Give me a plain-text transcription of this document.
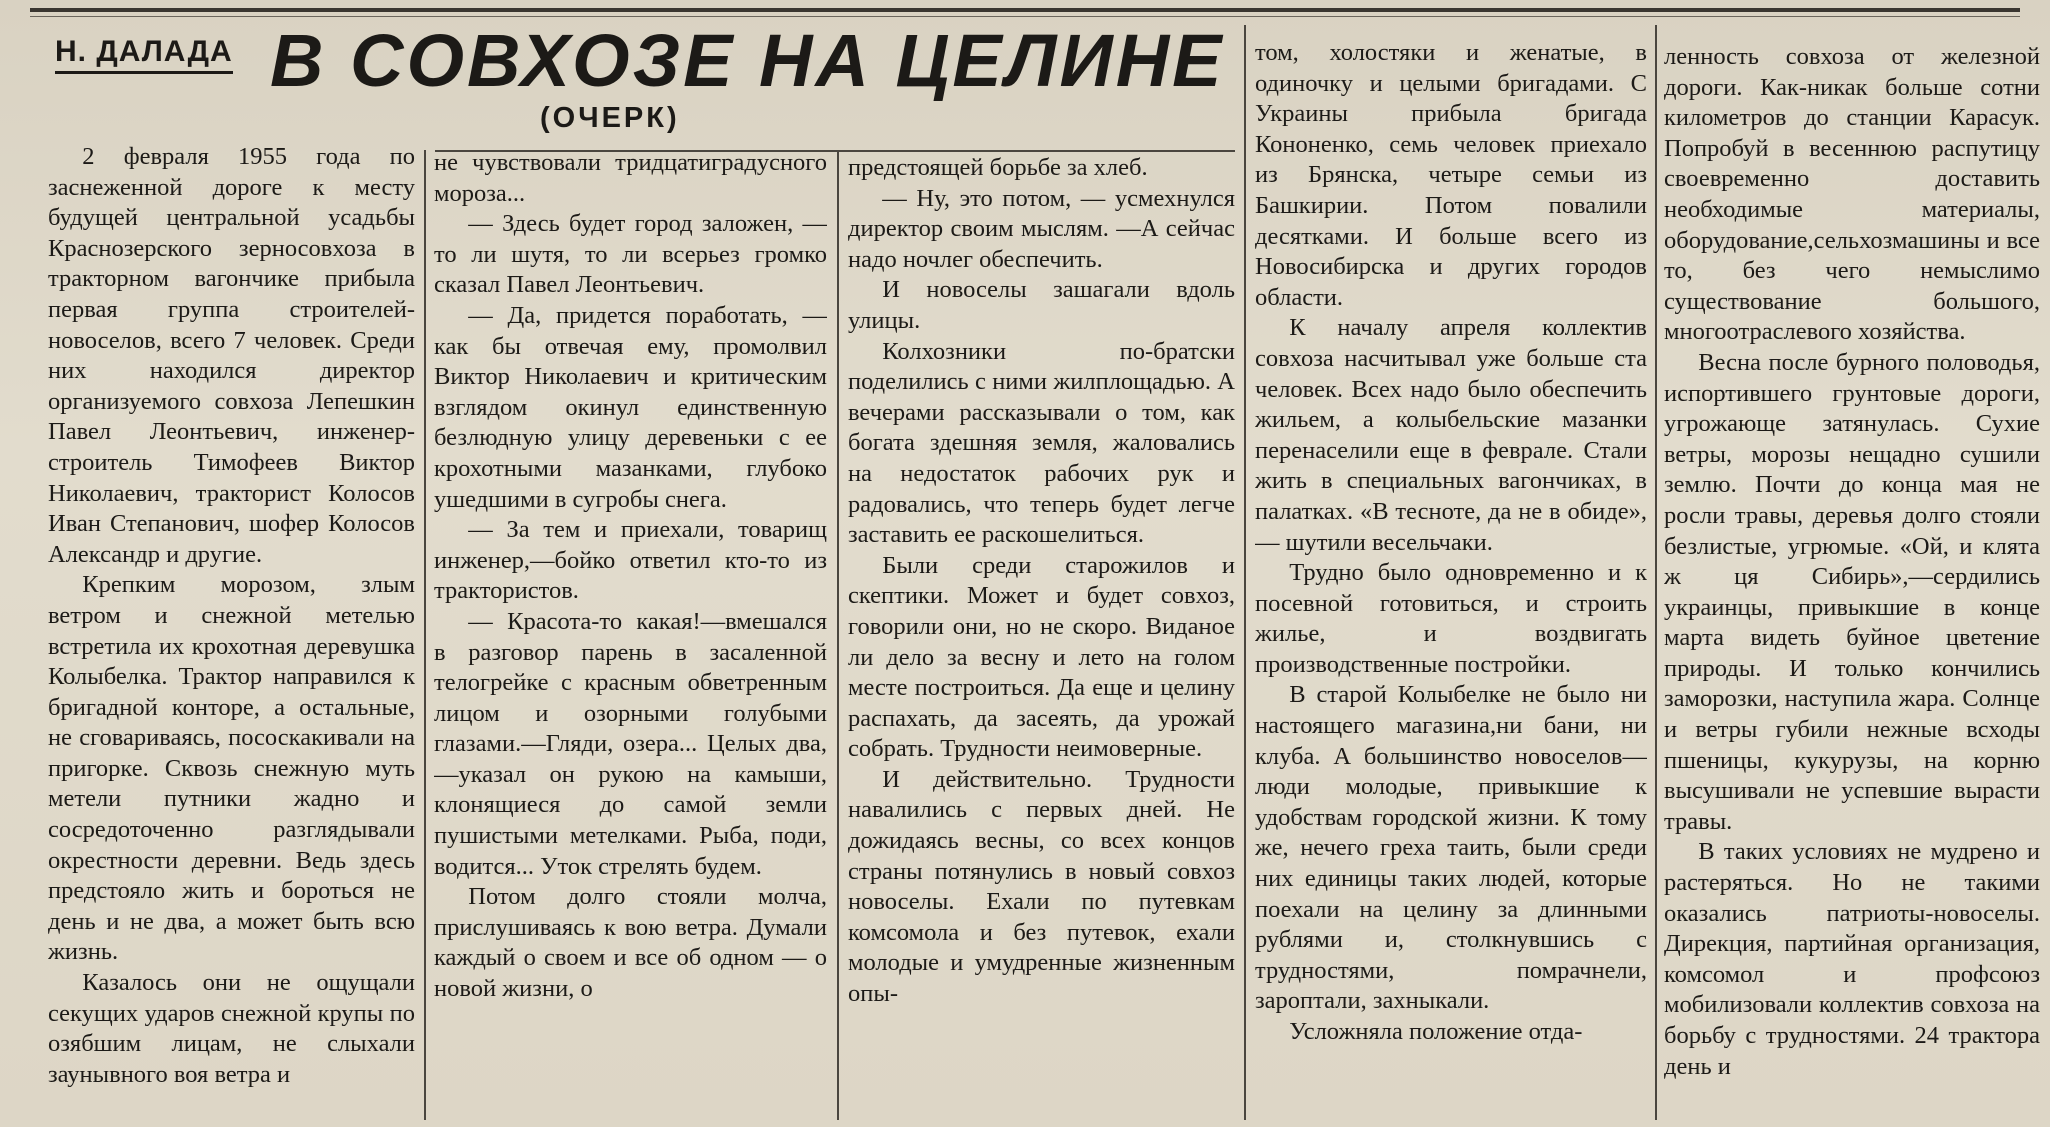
Н. ДАЛАДА В СОВХОЗЕ НА ЦЕЛИНЕ
(ОЧЕРК)

2 февраля 1955 года по заснеженной дороге к месту будущей центральной усадьбы Краснозерского зерносовхоза в тракторном вагончике прибыла первая группа строителей-новоселов, всего 7 человек. Среди них находился директор организуемого совхоза Лепешкин Павел Леонтьевич, инженер-строитель Тимофеев Виктор Николаевич, тракторист Колосов Иван Степанович, шофер Колосов Александр и другие.

Крепким морозом, злым ветром и снежной метелью встретила их крохотная деревушка Колыбелка. Трактор направился к бригадной конторе, а остальные, не сговариваясь, пососкакивали на пригорке. Сквозь снежную муть метели путники жадно и сосредоточенно разглядывали окрестности деревни. Ведь здесь предстояло жить и бороться не день и не два, а может быть всю жизнь.

Казалось они не ощущали секущих ударов снежной крупы по озябшим лицам, не слыхали заунывного воя ветра и

не чувствовали тридцатиградусного мороза...

— Здесь будет город заложен, — то ли шутя, то ли всерьез громко сказал Павел Леонтьевич.

— Да, придется поработать, — как бы отвечая ему, промолвил Виктор Николаевич и критическим взглядом окинул единственную безлюдную улицу деревеньки с ее крохотными мазанками, глубоко ушедшими в сугробы снега.

— За тем и приехали, товарищ инженер,—бойко ответил кто-то из трактористов.

— Красота-то какая!—вмешался в разговор парень в засаленной телогрейке с красным обветренным лицом и озорными голубыми глазами.—Гляди, озера... Целых два,—указал он рукою на камыши, клонящиеся до самой земли пушистыми метелками. Рыба, поди, водится... Уток стрелять будем.

Потом долго стояли молча, прислушиваясь к вою ветра. Думали каждый о своем и все об одном — о новой жизни, о

предстоящей борьбе за хлеб.

— Ну, это потом, — усмехнулся директор своим мыслям. —А сейчас надо ночлег обеспечить.

И новоселы зашагали вдоль улицы.

Колхозники по-братски поделились с ними жилплощадью. А вечерами рассказывали о том, как богата здешняя земля, жаловались на недостаток рабочих рук и радовались, что теперь будет легче заставить ее раскошелиться.

Были среди старожилов и скептики. Может и будет совхоз, говорили они, но не скоро. Виданое ли дело за весну и лето на голом месте построиться. Да еще и целину распахать, да засеять, да урожай собрать. Трудности неимоверные.

И действительно. Трудности навалились с первых дней. Не дожидаясь весны, со всех концов страны потянулись в новый совхоз новоселы. Ехали по путевкам комсомола и без путевок, ехали молодые и умудренные жизненным опы-

том, холостяки и женатые, в одиночку и целыми бригадами. С Украины прибыла бригада Кононенко, семь человек приехало из Брянска, четыре семьи из Башкирии. Потом повалили десятками. И больше всего из Новосибирска и других городов области.

К началу апреля коллектив совхоза насчитывал уже больше ста человек. Всех надо было обеспечить жильем, а колыбельские мазанки перенаселили еще в феврале. Стали жить в специальных вагончиках, в палатках. «В тесноте, да не в обиде», — шутили весельчаки.

Трудно было одновременно и к посевной готовиться, и строить жилье, и воздвигать производственные постройки.

В старой Колыбелке не было ни настоящего магазина,ни бани, ни клуба. А большинство новоселов—люди молодые, привыкшие к удобствам городской жизни. К тому же, нечего греха таить, были среди них единицы таких людей, которые поехали на целину за длинными рублями и, столкнувшись с трудностями, помрачнели, зароптали, захныкали.

Усложняла положение отда-

ленность совхоза от железной дороги. Как-никак больше сотни километров до станции Карасук. Попробуй в весеннюю распутицу своевременно доставить необходимые материалы, оборудование,сельхозмашины и все то, без чего немыслимо существование большого, многоотраслевого хозяйства.

Весна после бурного половодья, испортившего грунтовые дороги, угрожающе затянулась. Сухие ветры, морозы нещадно сушили землю. Почти до конца мая не росли травы, деревья долго стояли безлистые, угрюмые. «Ой, и клята ж ця Сибирь»,—сердились украинцы, привыкшие в конце марта видеть буйное цветение природы. И только кончились заморозки, наступила жара. Солнце и ветры губили нежные всходы пшеницы, кукурузы, на корню высушивали не успевшие вырасти травы.

В таких условиях не мудрено и растеряться. Но не такими оказались патриоты-новоселы. Дирекция, партийная организация, комсомол и профсоюз мобилизовали коллектив совхоза на борьбу с трудностями. 24 трактора день и
